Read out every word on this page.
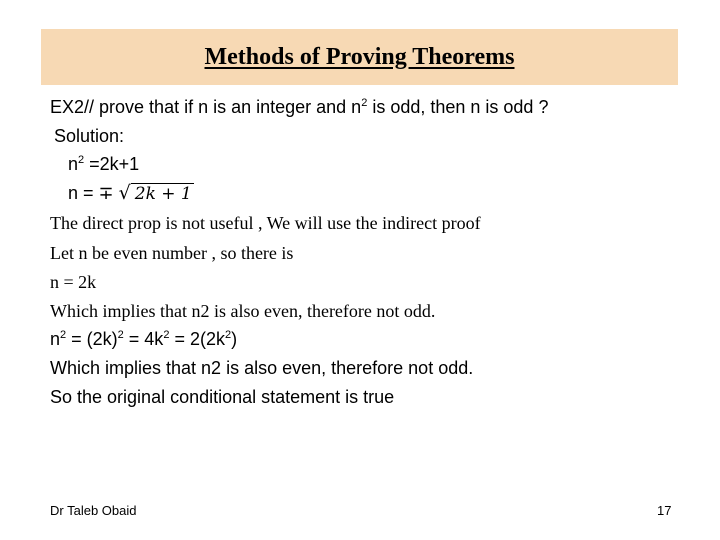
Methods of Proving Theorems
EX2// prove that if n is an integer and $n^2$ is odd, then n is odd ?
Solution:
$n^2 =2k+1$
n = ∓ √ 2k + 1
The direct prop is not useful , We will use the indirect proof
Let n be even number , so there is
n = 2k
Which implies that n2 is also even, therefore not odd.
$n^2 = (2k)^2 = 4k^2 = 2(2k^2)$
Which implies that n2 is also even, therefore not odd.
So the original conditional statement is true
Dr Taleb Obaid	17
